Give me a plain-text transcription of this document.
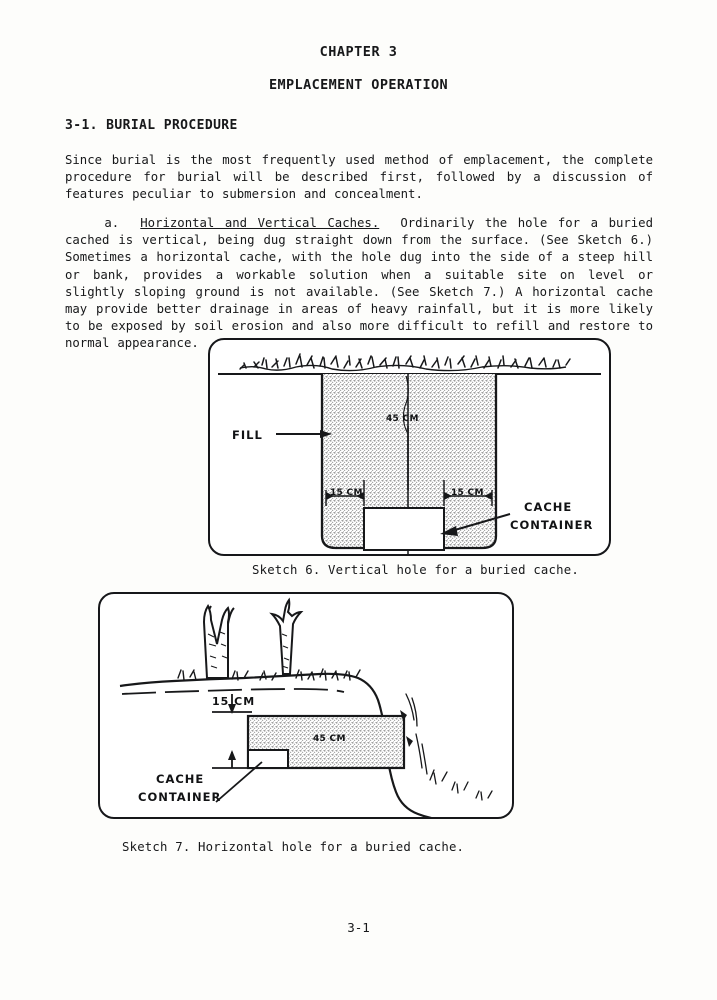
CHAPTER 3
EMPLACEMENT OPERATION
3-1. BURIAL PROCEDURE
Since burial is the most frequently used method of emplacement, the complete procedure for burial will be described first, followed by a discussion of features peculiar to submersion and concealment.
a. Horizontal and Vertical Caches. Ordinarily the hole for a buried cached is vertical, being dug straight down from the surface. (See Sketch 6.) Sometimes a horizontal cache, with the hole dug into the side of a steep hill or bank, provides a workable solution when a suitable site on level or slightly sloping ground is not available. (See Sketch 7.) A horizontal cache may provide better drainage in areas of heavy rainfall, but it is more likely to be exposed by soil erosion and also more difficult to refill and restore to normal appearance.
FILL
45 CM
15 CM	15 CM
CACHE
CONTAINER
Sketch 6. Vertical hole for a buried cache.
15 CM
45 CM
CACHE
CONTAINER
Sketch 7. Horizontal hole for a buried cache.
3-1
